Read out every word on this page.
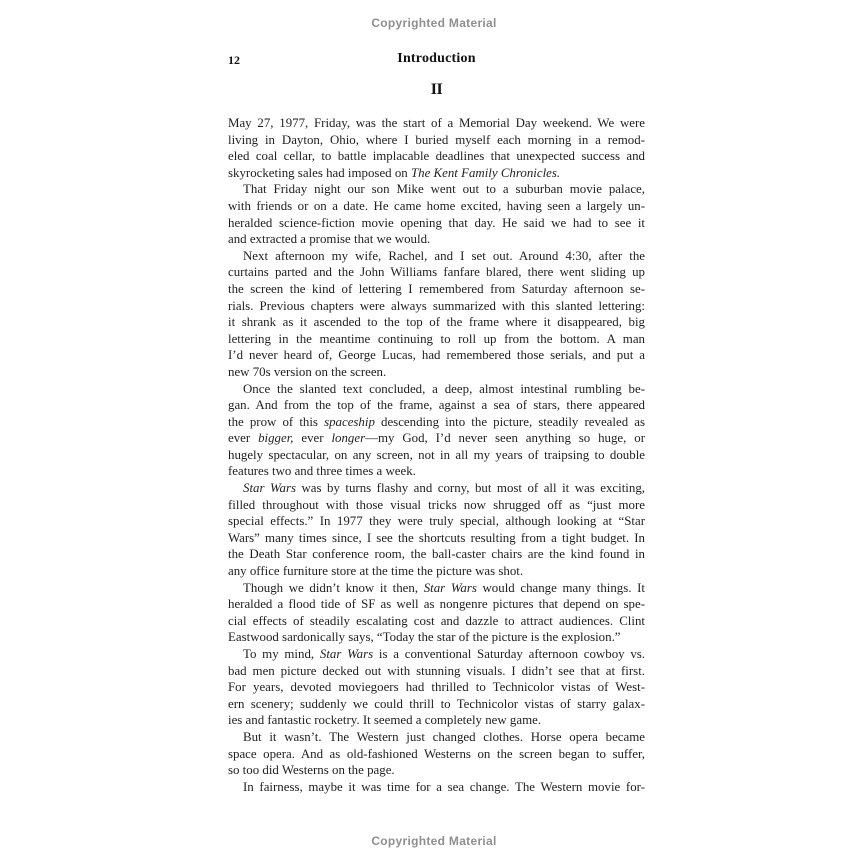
Copyrighted Material
12	Introduction
II
May 27, 1977, Friday, was the start of a Memorial Day weekend. We were
living in Dayton, Ohio, where I buried myself each morning in a remod-
eled coal cellar, to battle implacable deadlines that unexpected success and
skyrocketing sales had imposed on The Kent Family Chronicles.
That Friday night our son Mike went out to a suburban movie palace,
with friends or on a date. He came home excited, having seen a largely un-
heralded science-fiction movie opening that day. He said we had to see it
and extracted a promise that we would.
Next afternoon my wife, Rachel, and I set out. Around 4:30, after the
curtains parted and the John Williams fanfare blared, there went sliding up
the screen the kind of lettering I remembered from Saturday afternoon se-
rials. Previous chapters were always summarized with this slanted lettering:
it shrank as it ascended to the top of the frame where it disappeared, big
lettering in the meantime continuing to roll up from the bottom. A man
I’d never heard of, George Lucas, had remembered those serials, and put a
new 70s version on the screen.
Once the slanted text concluded, a deep, almost intestinal rumbling be-
gan. And from the top of the frame, against a sea of stars, there appeared
the prow of this spaceship descending into the picture, steadily revealed as
ever bigger, ever longer—my God, I’d never seen anything so huge, or
hugely spectacular, on any screen, not in all my years of traipsing to double
features two and three times a week.
Star Wars was by turns flashy and corny, but most of all it was exciting,
filled throughout with those visual tricks now shrugged off as “just more
special effects.” In 1977 they were truly special, although looking at “Star
Wars” many times since, I see the shortcuts resulting from a tight budget. In
the Death Star conference room, the ball-caster chairs are the kind found in
any office furniture store at the time the picture was shot.
Though we didn’t know it then, Star Wars would change many things. It
heralded a flood tide of SF as well as nongenre pictures that depend on spe-
cial effects of steadily escalating cost and dazzle to attract audiences. Clint
Eastwood sardonically says, “Today the star of the picture is the explosion.”
To my mind, Star Wars is a conventional Saturday afternoon cowboy vs.
bad men picture decked out with stunning visuals. I didn’t see that at first.
For years, devoted moviegoers had thrilled to Technicolor vistas of West-
ern scenery; suddenly we could thrill to Technicolor vistas of starry galax-
ies and fantastic rocketry. It seemed a completely new game.
But it wasn’t. The Western just changed clothes. Horse opera became
space opera. And as old-fashioned Westerns on the screen began to suffer,
so too did Westerns on the page.
In fairness, maybe it was time for a sea change. The Western movie for-
Copyrighted Material
